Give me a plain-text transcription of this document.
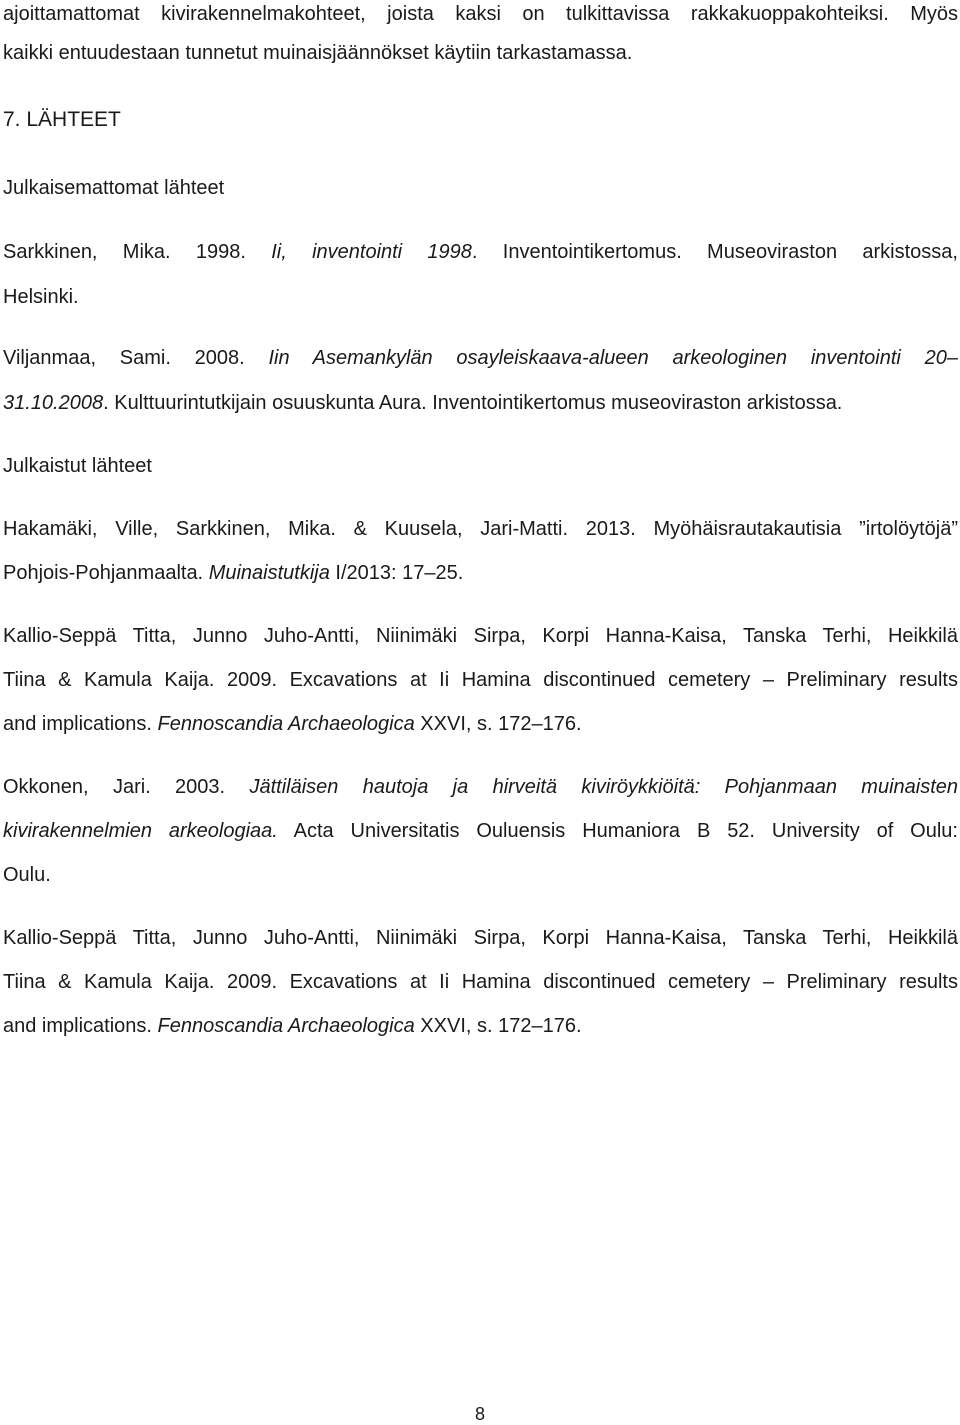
ajoittamattomat kivirakennelmakohteet, joista kaksi on tulkittavissa rakkakuoppakohteiksi. Myös
kaikki entuudestaan tunnetut muinaisjäännökset käytiin tarkastamassa.
7. LÄHTEET
Julkaisemattomat lähteet
Sarkkinen, Mika. 1998. Ii, inventointi 1998. Inventointikertomus. Museoviraston arkistossa,
Helsinki.
Viljanmaa, Sami. 2008. Iin Asemankylän osayleiskaava-alueen arkeologinen inventointi 20–
31.10.2008. Kulttuurintutkijain osuuskunta Aura. Inventointikertomus museoviraston arkistossa.
Julkaistut lähteet
Hakamäki, Ville, Sarkkinen, Mika. & Kuusela, Jari-Matti. 2013. Myöhäisrautakautisia ”irtolöytöjä”
Pohjois-Pohjanmaalta. Muinaistutkija I/2013: 17–25.
Kallio-Seppä Titta, Junno Juho-Antti, Niinimäki Sirpa, Korpi Hanna-Kaisa, Tanska Terhi, Heikkilä
Tiina & Kamula Kaija. 2009. Excavations at Ii Hamina discontinued cemetery – Preliminary results
and implications. Fennoscandia Archaeologica XXVI, s. 172–176.
Okkonen, Jari. 2003. Jättiläisen hautoja ja hirveitä kiviröykkiöitä: Pohjanmaan muinaisten
kivirakennelmien arkeologiaa. Acta Universitatis Ouluensis Humaniora B 52. University of Oulu:
Oulu.
Kallio-Seppä Titta, Junno Juho-Antti, Niinimäki Sirpa, Korpi Hanna-Kaisa, Tanska Terhi, Heikkilä
Tiina & Kamula Kaija. 2009. Excavations at Ii Hamina discontinued cemetery – Preliminary results
and implications. Fennoscandia Archaeologica XXVI, s. 172–176.
8
